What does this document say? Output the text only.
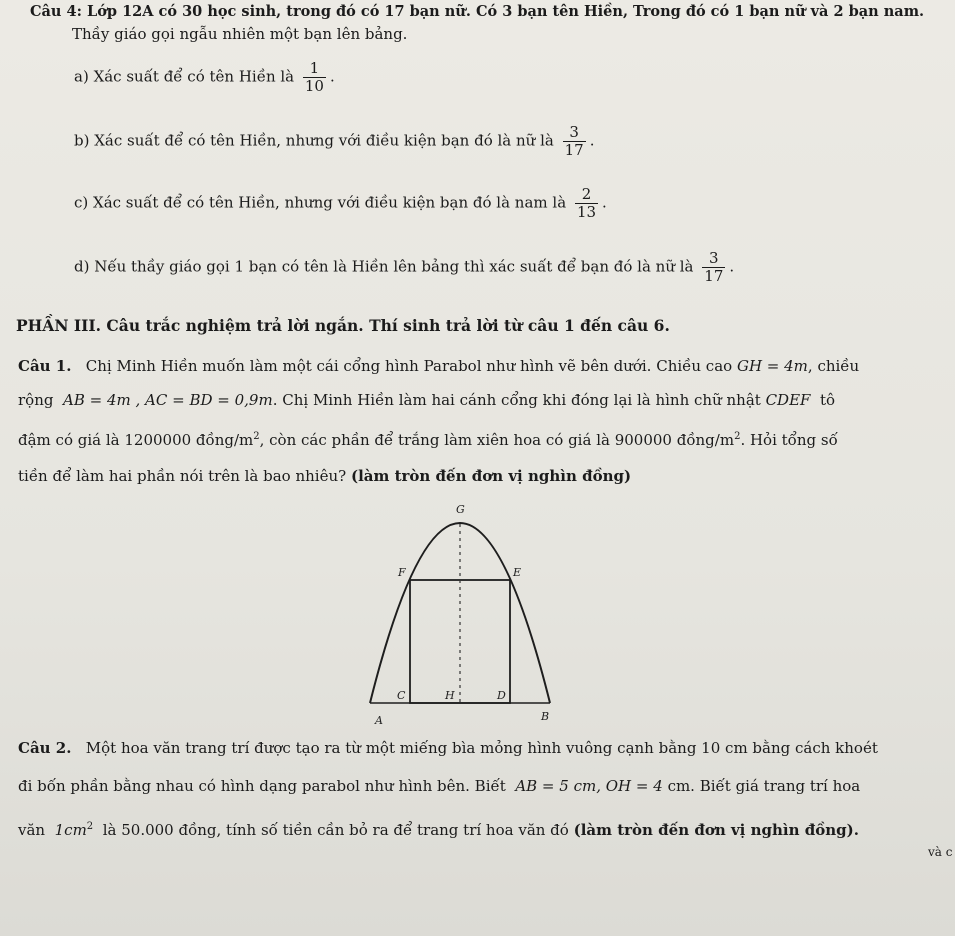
Câu 4: Lớp 12A có 30 học sinh, trong đó có 17 bạn nữ. Có 3 bạn tên Hiền, Trong đó có 1 bạn nữ và 2 bạn nam.
Thầy giáo gọi ngẫu nhiên một bạn lên bảng.
a) Xác suất để có tên Hiền là $\frac{1}{10}$ .
b) Xác suất để có tên Hiền, nhưng với điều kiện bạn đó là nữ là $\frac{3}{17}$ .
c) Xác suất để có tên Hiền, nhưng với điều kiện bạn đó là nam là $\frac{2}{13}$ .
d) Nếu thầy giáo gọi 1 bạn có tên là Hiền lên bảng thì xác suất để bạn đó là nữ là $\frac{3}{17}$ .
PHẦN III. Câu trắc nghiệm trả lời ngắn. Thí sinh trả lời từ câu 1 đến câu 6.
Câu 1. Chị Minh Hiền muốn làm một cái cổng hình Parabol như hình vẽ bên dưới. Chiều cao GH = 4m, chiều
rộng AB = 4m , AC = BD = 0,9m. Chị Minh Hiền làm hai cánh cổng khi đóng lại là hình chữ nhật CDEF tô
đậm có giá là 1200000 đồng/$m^2$, còn các phần để trắng làm xiên hoa có giá là 900000 đồng/$m^2$. Hỏi tổng số
tiền để làm hai phần nói trên là bao nhiêu? (làm tròn đến đơn vị nghìn đồng)
G
F	E
C	H	D
A	B
Câu 2. Một hoa văn trang trí được tạo ra từ một miếng bìa mỏng hình vuông cạnh bằng 10 cm bằng cách khoét
đi bốn phần bằng nhau có hình dạng parabol như hình bên. Biết AB = 5 cm, OH = 4 cm. Biết giá trang trí hoa
văn $1cm^2$ là 50.000 đồng, tính số tiền cần bỏ ra để trang trí hoa văn đó (làm tròn đến đơn vị nghìn đồng).
và c
